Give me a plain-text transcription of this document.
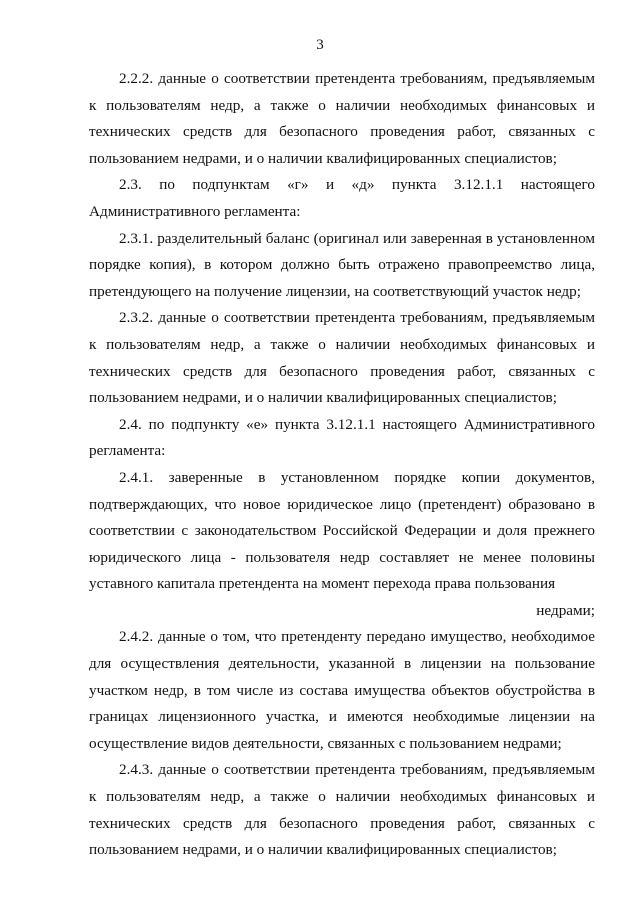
3

2.2.2. данные о соответствии претендента требованиям, предъявляемым к пользователям недр, а также о наличии необходимых финансовых и технических средств для безопасного проведения работ, связанных с пользованием недрами, и о наличии квалифицированных специалистов;

2.3. по подпунктам «г» и «д» пункта 3.12.1.1 настоящего Административного регламента:

2.3.1. разделительный баланс (оригинал или заверенная в установленном порядке копия), в котором должно быть отражено правопреемство лица, претендующего на получение лицензии, на соответствующий участок недр;

2.3.2. данные о соответствии претендента требованиям, предъявляемым к пользователям недр, а также о наличии необходимых финансовых и технических средств для безопасного проведения работ, связанных с пользованием недрами, и о наличии квалифицированных специалистов;

2.4. по подпункту «е» пункта 3.12.1.1 настоящего Административного регламента:

2.4.1. заверенные в установленном порядке копии документов, подтверждающих, что новое юридическое лицо (претендент) образовано в соответствии с законодательством Российской Федерации и доля прежнего юридического лица - пользователя недр составляет не менее половины уставного капитала претендента на момент перехода права пользования
недрами;

2.4.2. данные о том, что претенденту передано имущество, необходимое для осуществления деятельности, указанной в лицензии на пользование участком недр, в том числе из состава имущества объектов обустройства в границах лицензионного участка, и имеются необходимые лицензии на осуществление видов деятельности, связанных с пользованием недрами;

2.4.3. данные о соответствии претендента требованиям, предъявляемым к пользователям недр, а также о наличии необходимых финансовых и технических средств для безопасного проведения работ, связанных с пользованием недрами, и о наличии квалифицированных специалистов;
